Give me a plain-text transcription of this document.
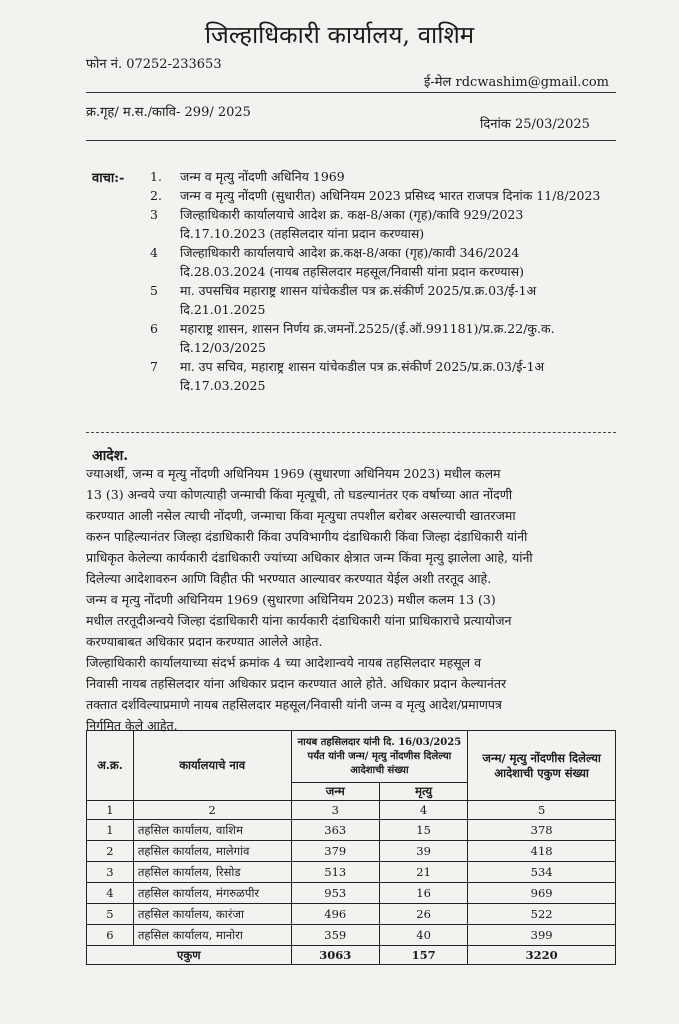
जिल्हाधिकारी कार्यालय, वाशिम
फोन नं. 07252-233653
ई-मेल rdcwashim@gmail.com
क्र.गृह/ म.स./कावि- 299/ 2025
दिनांक 25/03/2025
वाचा:- 1. जन्म व मृत्यु नोंदणी अधिनिय 1969
2. जन्म व मृत्यु नोंदणी (सुधारीत) अधिनियम 2023 प्रसिध्द भारत राजपत्र दिनांक 11/8/2023
3 जिल्हाधिकारी कार्यालयाचे आदेश क्र. कक्ष-8/अका (गृह)/कावि 929/2023
दि.17.10.2023 (तहसिलदार यांना प्रदान करण्यास)
4 जिल्हाधिकारी कार्यालयाचे आदेश क्र.कक्ष-8/अका (गृह)/कावी 346/2024
दि.28.03.2024 (नायब तहसिलदार महसूल/निवासी यांना प्रदान करण्यास)
5 मा. उपसचिव महाराष्ट्र शासन यांचेकडील पत्र क्र.संकीर्ण 2025/प्र.क्र.03/ई-1अ
दि.21.01.2025
6 महाराष्ट्र शासन, शासन निर्णय क्र.जमनों.2525/(ई.ऑ.991181)/प्र.क्र.22/कु.क.
दि.12/03/2025
7 मा. उप सचिव, महाराष्ट्र शासन यांचेकडील पत्र क्र.संकीर्ण 2025/प्र.क्र.03/ई-1अ
दि.17.03.2025
आदेश.
ज्याअर्थी, जन्म व मृत्यु नोंदणी अधिनियम 1969 (सुधारणा अधिनियम 2023) मधील कलम
13 (3) अन्वये ज्या कोणत्याही जन्माची किंवा मृत्यूची, तो घडल्यानंतर एक वर्षाच्या आत नोंदणी
करण्यात आली नसेल त्याची नोंदणी, जन्माचा किंवा मृत्युचा तपशील बरोबर असल्याची खातरजमा
करुन पाहिल्यानंतर जिल्हा दंडाधिकारी किंवा उपविभागीय दंडाधिकारी किंवा जिल्हा दंडाधिकारी यांनी
प्राधिकृत केलेल्या कार्यकारी दंडाधिकारी ज्यांच्या अधिकार क्षेत्रात जन्म किंवा मृत्यु झालेला आहे, यांनी
दिलेल्या आदेशावरुन आणि विहीत फी भरण्यात आल्यावर करण्यात येईल अशी तरतूद आहे.
जन्म व मृत्यु नोंदणी अधिनियम 1969 (सुधारणा अधिनियम 2023) मधील कलम 13 (3)
मधील तरतूदीअन्वये जिल्हा दंडाधिकारी यांना कार्यकारी दंडाधिकारी यांना प्राधिकाराचे प्रत्यायोजन
करण्याबाबत अधिकार प्रदान करण्यात आलेले आहेत.
जिल्हाधिकारी कार्यालयाच्या संदर्भ क्रमांक 4 च्या आदेशान्वये नायब तहसिलदार महसूल व
निवासी नायब तहसिलदार यांना अधिकार प्रदान करण्यात आले होते. अधिकार प्रदान केल्यानंतर
तक्तात दर्शविल्याप्रमाणे नायब तहसिलदार महसूल/निवासी यांनी जन्म व मृत्यु आदेश/प्रमाणपत्र
निर्गमित केले आहेत.
अ.क्र.	कार्यालयाचे नाव	नायब तहसिलदार यांनी दि. 16/03/2025 पर्यंत यांनी जन्म/ मृत्यु नोंदणीस दिलेल्या आदेशाची संख्या		जन्म/ मृत्यु नोंदणीस दिलेल्या आदेशाची एकुण संख्या
		जन्म	मृत्यु	
1	2	3	4	5
1	तहसिल कार्यालय, वाशिम	363	15	378
2	तहसिल कार्यालय, मालेगांव	379	39	418
3	तहसिल कार्यालय, रिसोड	513	21	534
4	तहसिल कार्यालय, मंगरुळपीर	953	16	969
5	तहसिल कार्यालय, कारंजा	496	26	522
6	तहसिल कार्यालय, मानोरा	359	40	399
एकुण		3063	157	3220
